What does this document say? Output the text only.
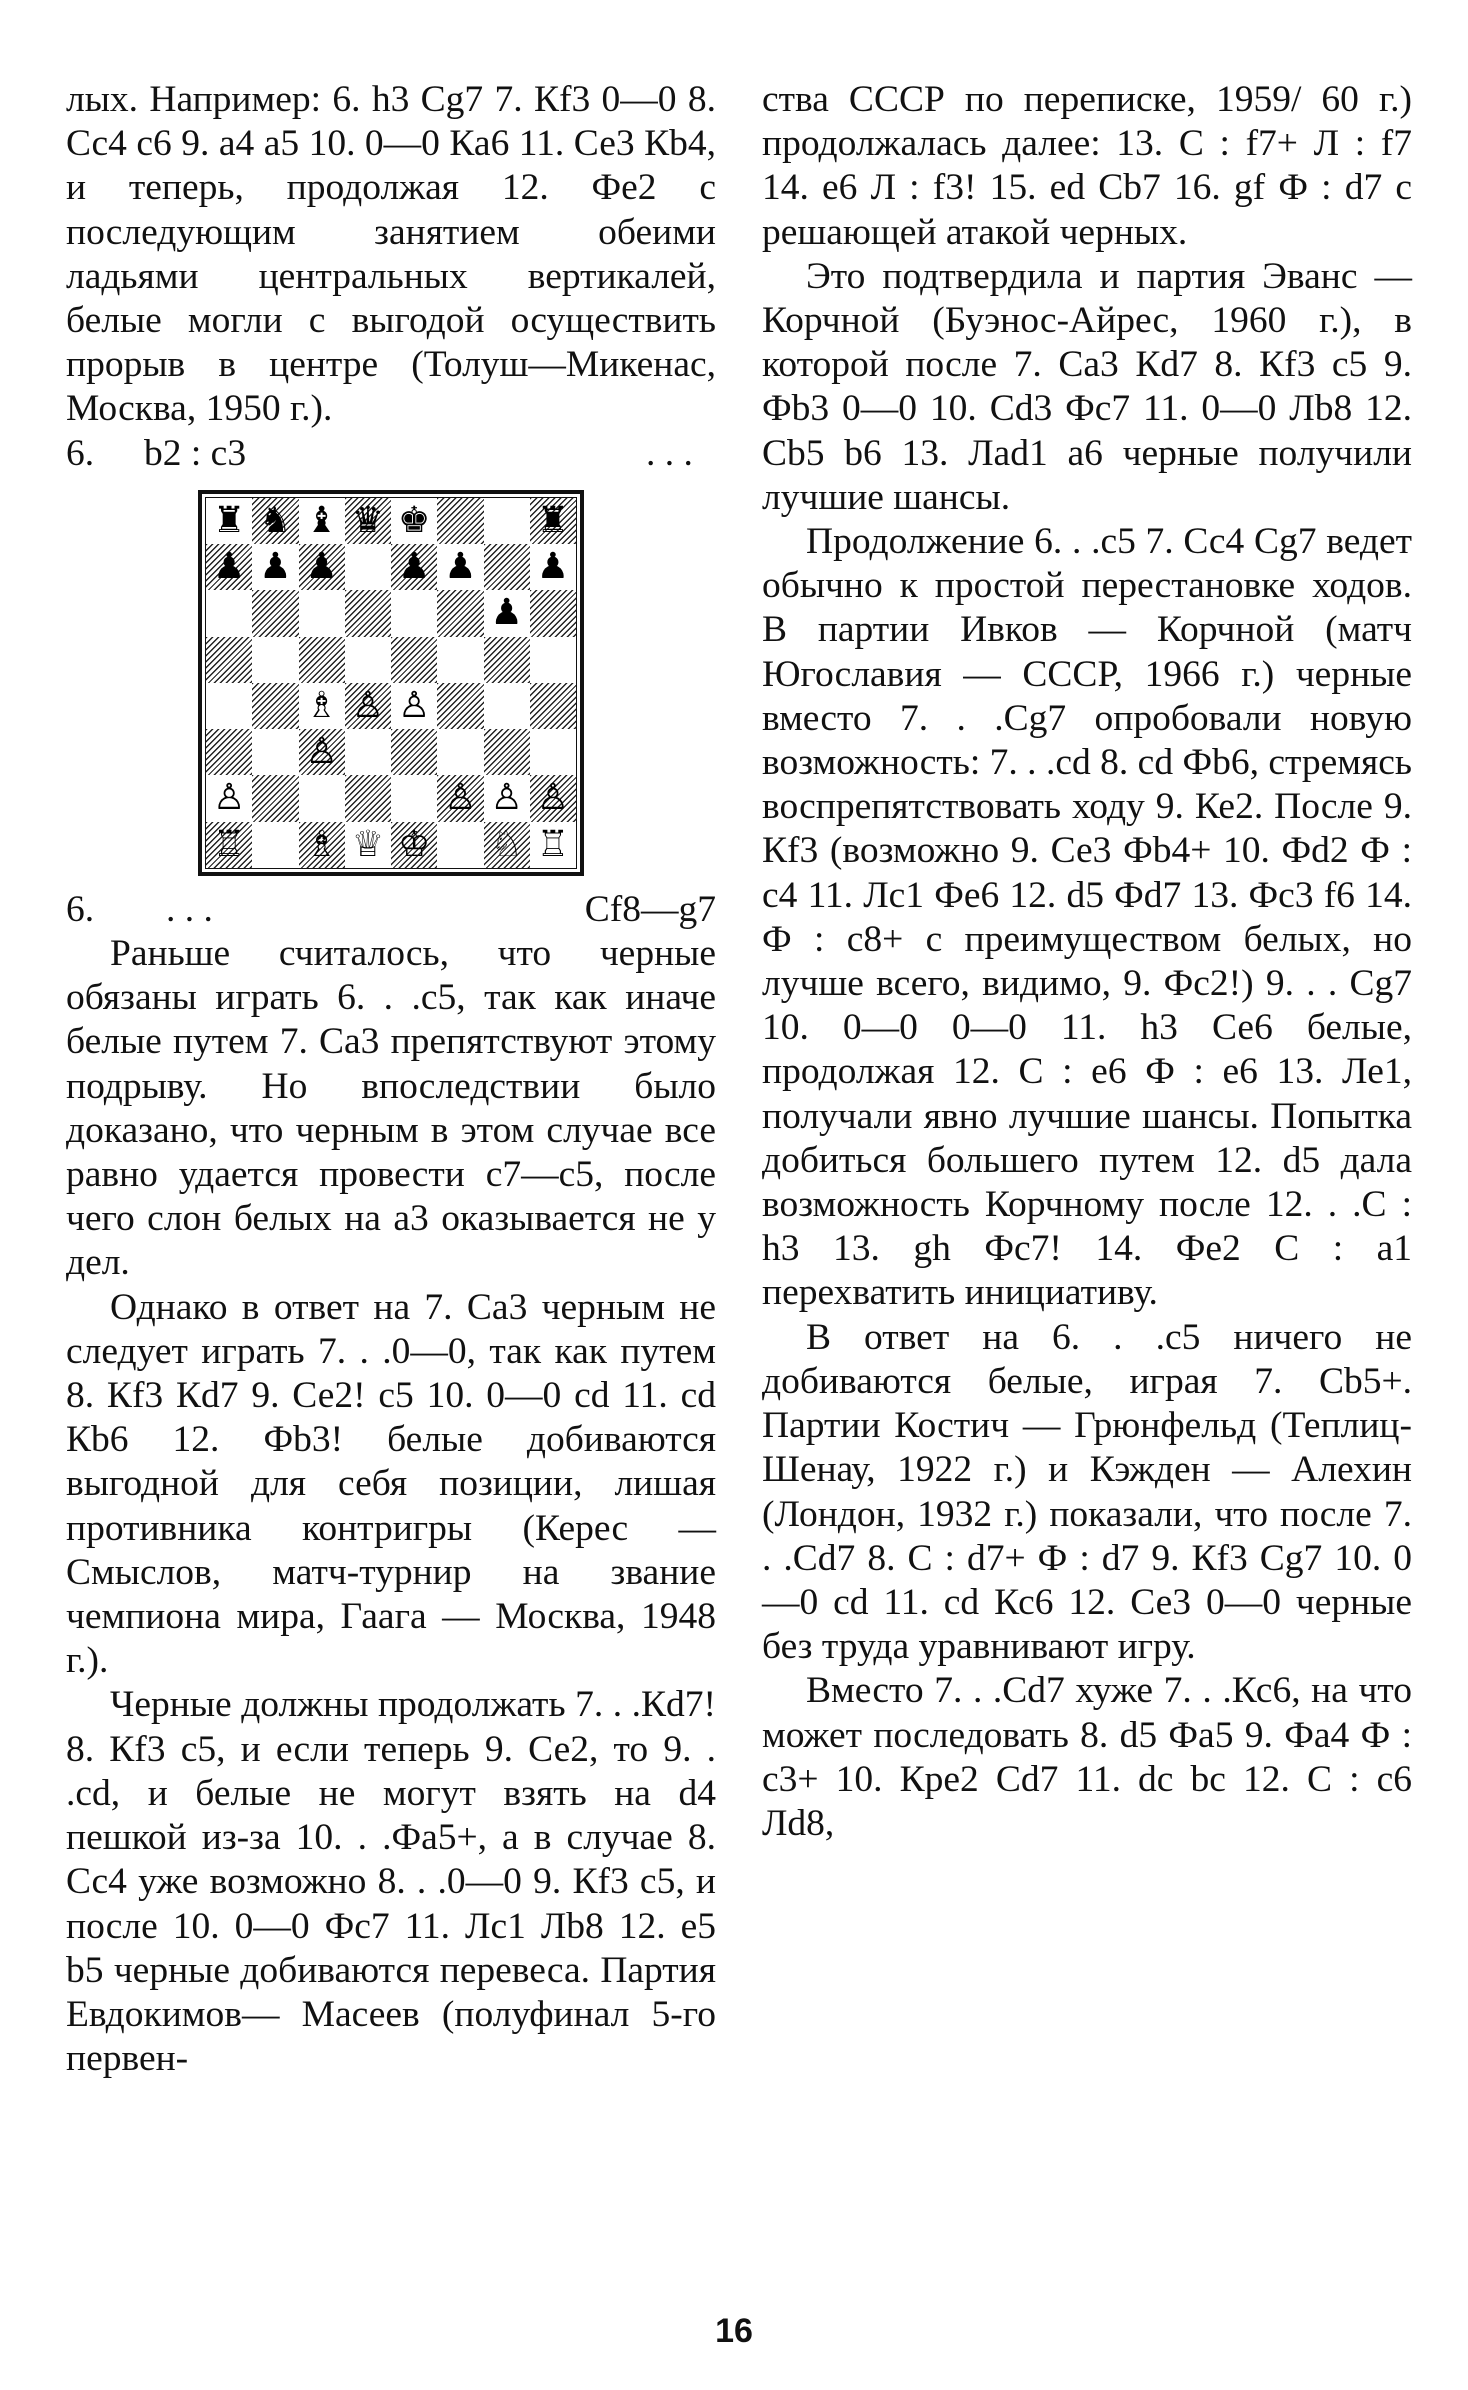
лых. Например: 6. h3 Cg7 7. Кf3 0—0 8. Сс4 с6 9. а4 а5 10. 0—0 Ка6 11. Се3 Кb4, и теперь, продолжая 12. Фе2 с последующим занятием обеими ладьями центральных вертикалей, белые могли с выгодой осуществить прорыв в центре (Толуш—Микенас, Москва, 1950 г.).

6.	b2 : с3	. . .
♜ ♞ ♝ ♛ ♚	♜
♟ ♟ ♟ ♟ ♟ ♟
♟
♗ ♙ ♙
♙
♙	♙ ♙ ♙
♖ ♗ ♕ ♔ ♘ ♖
6.	. . .	Сf8—g7

Раньше считалось, что черные обязаны играть 6. . .с5, так как иначе белые путем 7. Са3 препятствуют этому подрыву. Но впоследствии было доказано, что черным в этом случае все равно удается провести с7—с5, после чего слон белых на а3 оказывается не у дел.

Однако в ответ на 7. Са3 черным не следует играть 7. . .0—0, так как путем 8. Кf3 Кd7 9. Се2! с5 10. 0—0 cd 11. cd Кb6 12. Фb3! белые добиваются выгодной для себя позиции, лишая противника контригры (Керес — Смыслов, матч-турнир на звание чемпиона мира, Гаага — Москва, 1948 г.).

Черные должны продолжать 7. . .Кd7! 8. Кf3 с5, и если теперь 9. Се2, то 9. . .cd, и белые не могут взять на d4 пешкой из-за 10. . .Фа5+, а в случае 8. Сс4 уже возможно 8. . .0—0 9. Кf3 с5, и после 10. 0—0 Фс7 11. Лс1 Лb8 12. е5 b5 черные добиваются перевеса. Партия Евдокимов— Масеев (полуфинал 5-го первен-

ства СССР по переписке, 1959/ 60 г.) продолжалась далее: 13. С : f7+ Л : f7 14. е6 Л : f3! 15. ed Сb7 16. gf Ф : d7 с решающей атакой черных.

Это подтвердила и партия Эванс — Корчной (Буэнос-Айрес, 1960 г.), в которой после 7. Са3 Кd7 8. Кf3 с5 9. Фb3 0—0 10. Сd3 Фс7 11. 0—0 Лb8 12. Сb5 b6 13. Лаd1 а6 черные получили лучшие шансы.

Продолжение 6. . .с5 7. Сс4 Сg7 ведет обычно к простой перестановке ходов. В партии Ивков — Корчной (матч Югославия — СССР, 1966 г.) черные вместо 7. . .Сg7 опробовали новую возможность: 7. . .cd 8. cd Фb6, стремясь воспрепятствовать ходу 9. Ке2. После 9. Кf3 (возможно 9. Се3 Фb4+ 10. Фd2 Ф : с4 11. Лс1 Фе6 12. d5 Фd7 13. Фс3 f6 14. Ф : с8+ с преимуществом белых, но лучше всего, видимо, 9. Фс2!) 9. . . Сg7 10. 0—0 0—0 11. h3 Се6 белые, продолжая 12. С : е6 Ф : е6 13. Ле1, получали явно лучшие шансы. Попытка добиться большего путем 12. d5 дала возможность Корчному после 12. . .С : h3 13. gh Фс7! 14. Фе2 С : а1 перехватить инициативу.

В ответ на 6. . .с5 ничего не добиваются белые, играя 7. Сb5+. Партии Костич — Грюнфельд (Теплиц-Шенау, 1922 г.) и Кэжден — Алехин (Лондон, 1932 г.) показали, что после 7. . .Сd7 8. С : d7+ Ф : d7 9. Кf3 Сg7 10. 0—0 cd 11. cd Кс6 12. Се3 0—0 черные без труда уравнивают игру.

Вместо 7. . .Сd7 хуже 7. . .Кс6, на что может последовать 8. d5 Фа5 9. Фа4 Ф : с3+ 10. Кре2 Сd7 11. dc bc 12. С : с6 Лd8,

16
